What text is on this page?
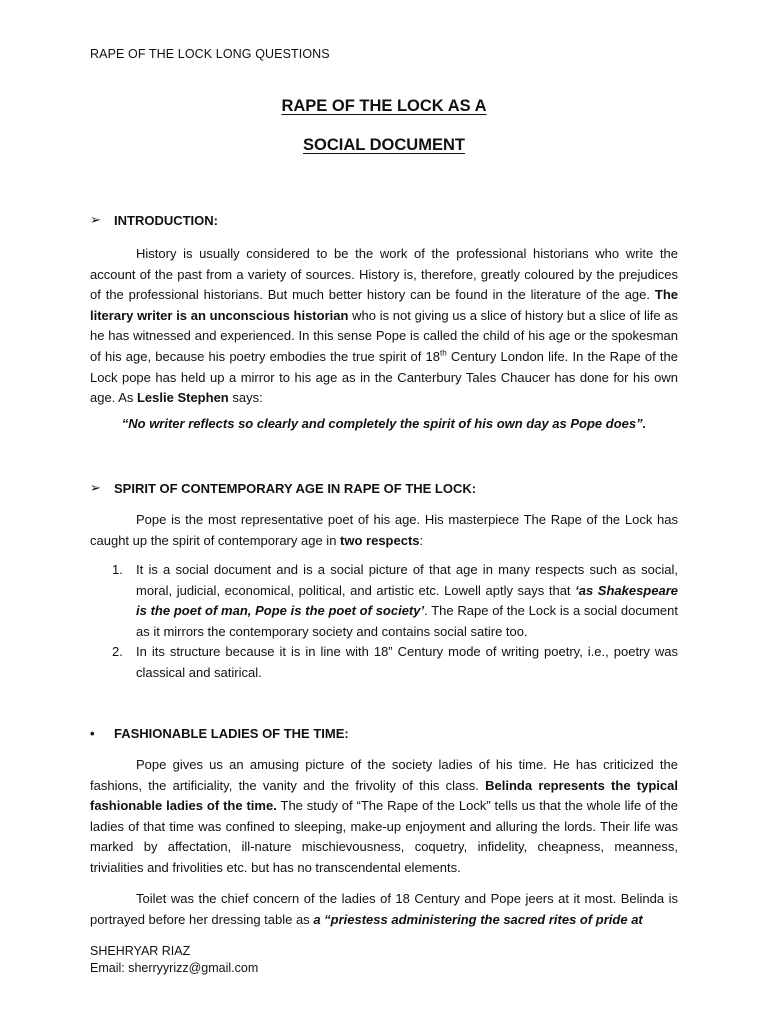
RAPE OF THE LOCK LONG QUESTIONS
RAPE OF THE LOCK AS A
SOCIAL DOCUMENT
➢	INTRODUCTION:
History is usually considered to be the work of the professional historians who write the account of the past from a variety of sources. History is, therefore, greatly coloured by the prejudices of the professional historians. But much better history can be found in the literature of the age. The literary writer is an unconscious historian who is not giving us a slice of history but a slice of life as he has witnessed and experienced. In this sense Pope is called the child of his age or the spokesman of his age, because his poetry embodies the true spirit of 18th Century London life. In the Rape of the Lock pope has held up a mirror to his age as in the Canterbury Tales Chaucer has done for his own age. As Leslie Stephen says:
“No writer reflects so clearly and completely the spirit of his own day as Pope does”.
➢	SPIRIT OF CONTEMPORARY AGE IN RAPE OF THE LOCK:
Pope is the most representative poet of his age. His masterpiece The Rape of the Lock has caught up the spirit of contemporary age in two respects:
1. It is a social document and is a social picture of that age in many respects such as social, moral, judicial, economical, political, and artistic etc. Lowell aptly says that ‘as Shakespeare is the poet of man, Pope is the poet of society’. The Rape of the Lock is a social document as it mirrors the contemporary society and contains social satire too.
2. In its structure because it is in line with 18” Century mode of writing poetry, i.e., poetry was classical and satirical.
•	FASHIONABLE LADIES OF THE TIME:
Pope gives us an amusing picture of the society ladies of his time. He has criticized the fashions, the artificiality, the vanity and the frivolity of this class. Belinda represents the typical fashionable ladies of the time. The study of “The Rape of the Lock” tells us that the whole life of the ladies of that time was confined to sleeping, make-up enjoyment and alluring the lords. Their life was marked by affectation, ill-nature mischievousness, coquetry, infidelity, cheapness, meanness, trivialities and frivolities etc. but has no transcendental elements.
Toilet was the chief concern of the ladies of 18 Century and Pope jeers at it most. Belinda is portrayed before her dressing table as a “priestess administering the sacred rites of pride at
SHEHRYAR RIAZ
Email: sherryyrizz@gmail.com
